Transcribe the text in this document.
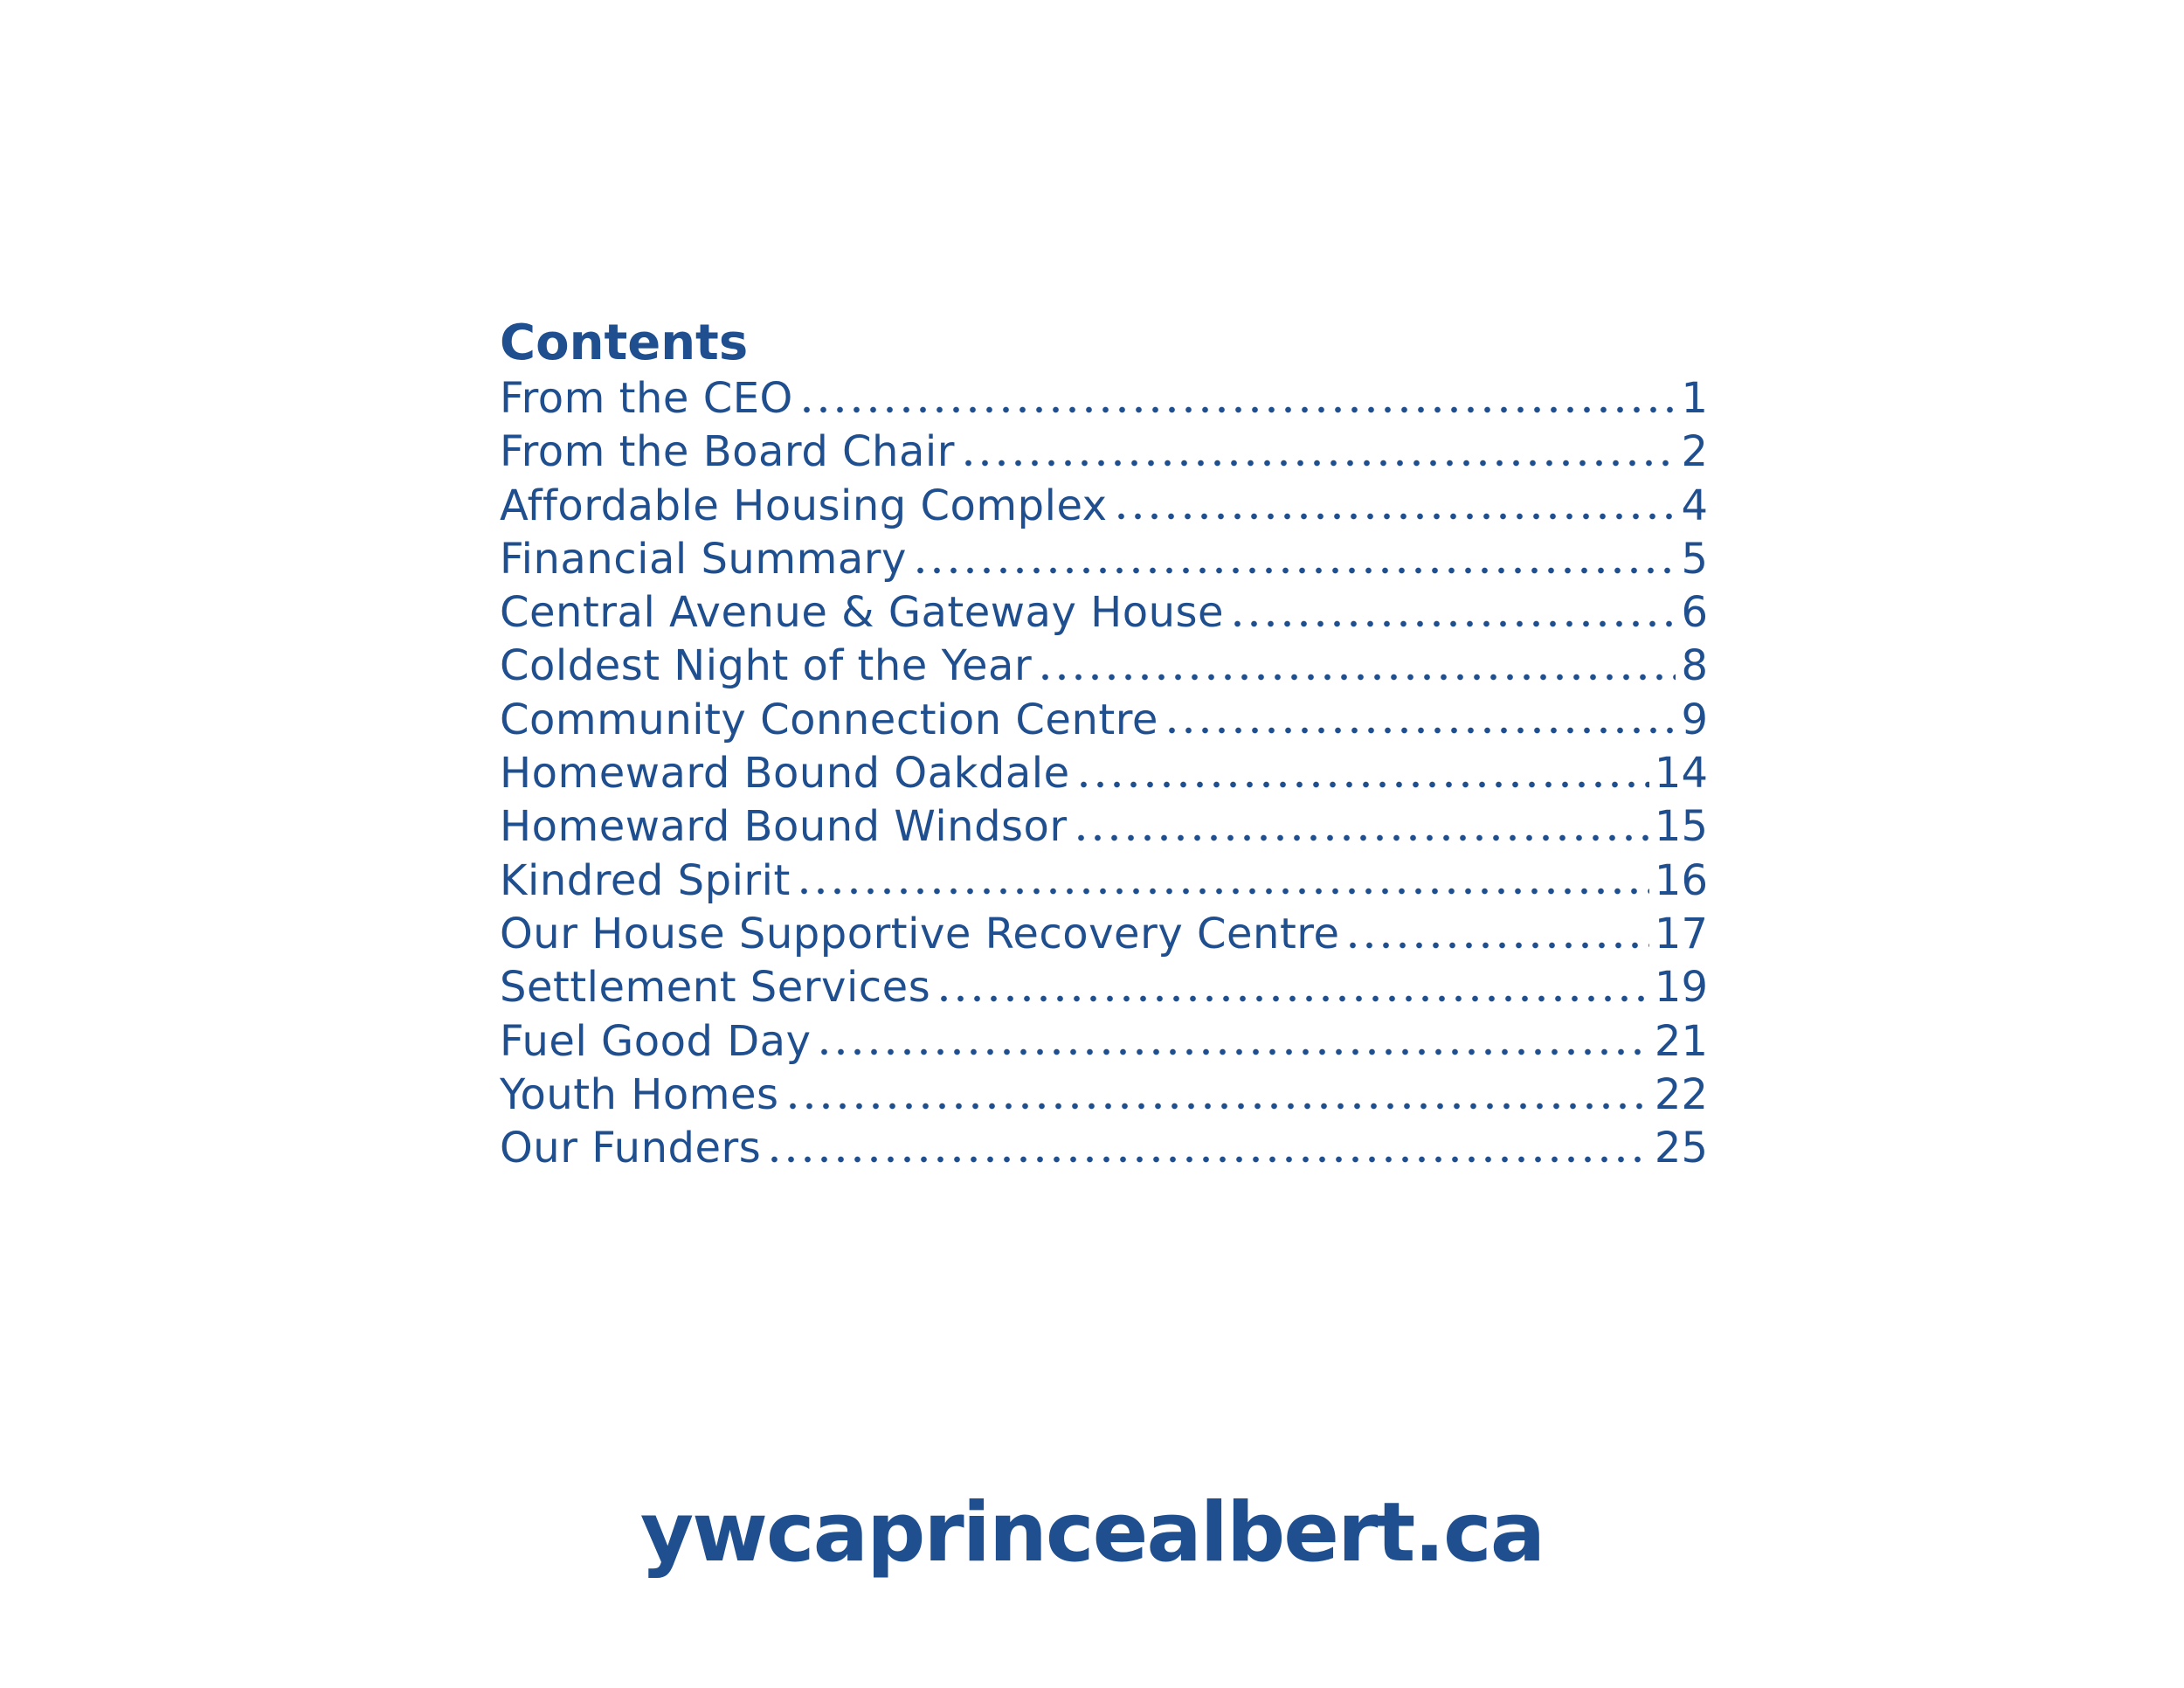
Contents
From the CEO	1
From the Board Chair	2
Affordable Housing Complex	4
Financial Summary	5
Central Avenue & Gateway House	6
Coldest Night of the Year	8
Community Connection Centre	9
Homeward Bound Oakdale	14
Homeward Bound Windsor	15
Kindred Spirit	16
Our House Supportive Recovery Centre	17
Settlement Services	19
Fuel Good Day	21
Youth Homes	22
Our Funders	25
ywcaprincealbert.ca
